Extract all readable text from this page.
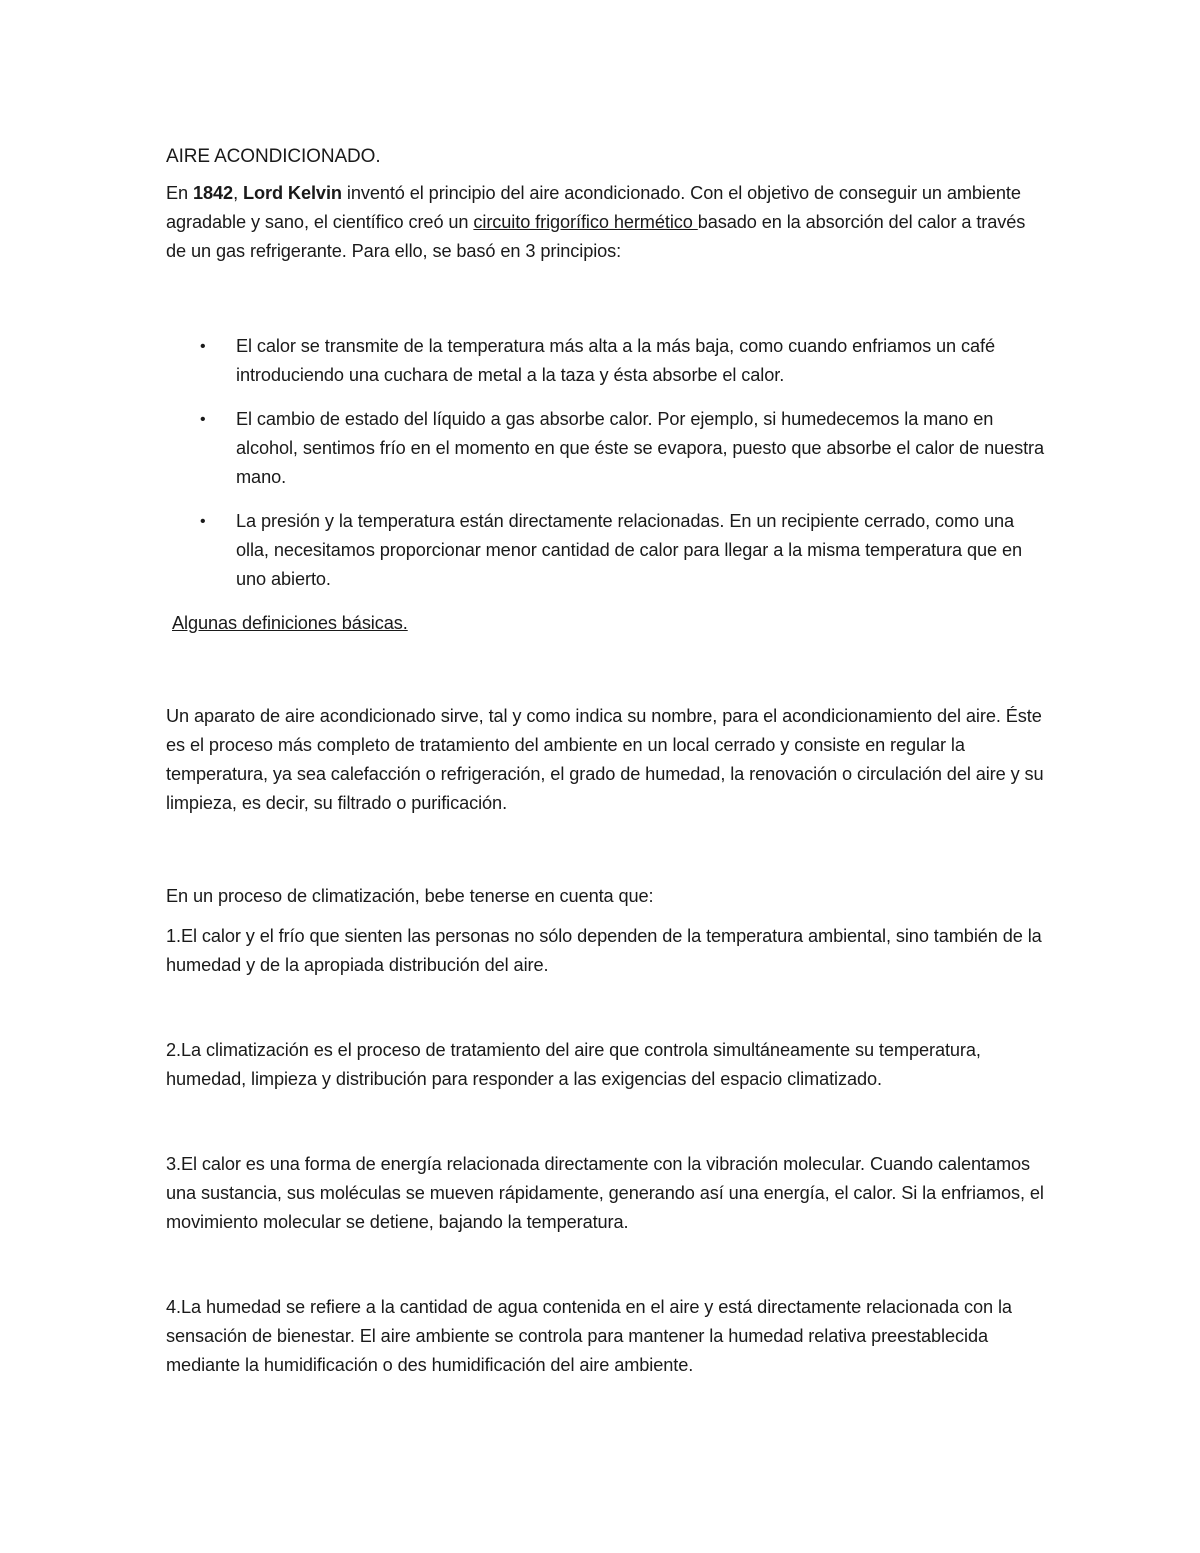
AIRE ACONDICIONADO.

En 1842, Lord Kelvin inventó el principio del aire acondicionado. Con el objetivo de conseguir un ambiente agradable y sano, el científico creó un circuito frigorífico hermético basado en la absorción del calor a través de un gas refrigerante. Para ello, se basó en 3 principios:

• El calor se transmite de la temperatura más alta a la más baja, como cuando enfriamos un café introduciendo una cuchara de metal a la taza y ésta absorbe el calor.
• El cambio de estado del líquido a gas absorbe calor. Por ejemplo, si humedecemos la mano en alcohol, sentimos frío en el momento en que éste se evapora, puesto que absorbe el calor de nuestra mano.
• La presión y la temperatura están directamente relacionadas. En un recipiente cerrado, como una olla, necesitamos proporcionar menor cantidad de calor para llegar a la misma temperatura que en uno abierto.

Algunas definiciones básicas.

Un aparato de aire acondicionado sirve, tal y como indica su nombre, para el acondicionamiento del aire. Éste es el proceso más completo de tratamiento del ambiente en un local cerrado y consiste en regular la temperatura, ya sea calefacción o refrigeración, el grado de humedad, la renovación o circulación del aire y su limpieza, es decir, su filtrado o purificación.

En un proceso de climatización, bebe tenerse en cuenta que:

1.El calor y el frío que sienten las personas no sólo dependen de la temperatura ambiental, sino también de la humedad y de la apropiada distribución del aire.

2.La climatización es el proceso de tratamiento del aire que controla simultáneamente su temperatura, humedad, limpieza y distribución para responder a las exigencias del espacio climatizado.

3.El calor es una forma de energía relacionada directamente con la vibración molecular. Cuando calentamos una sustancia, sus moléculas se mueven rápidamente, generando así una energía, el calor. Si la enfriamos, el movimiento molecular se detiene, bajando la temperatura.

4.La humedad se refiere a la cantidad de agua contenida en el aire y está directamente relacionada con la sensación de bienestar. El aire ambiente se controla para mantener la humedad relativa preestablecida mediante la humidificación o des humidificación del aire ambiente.
